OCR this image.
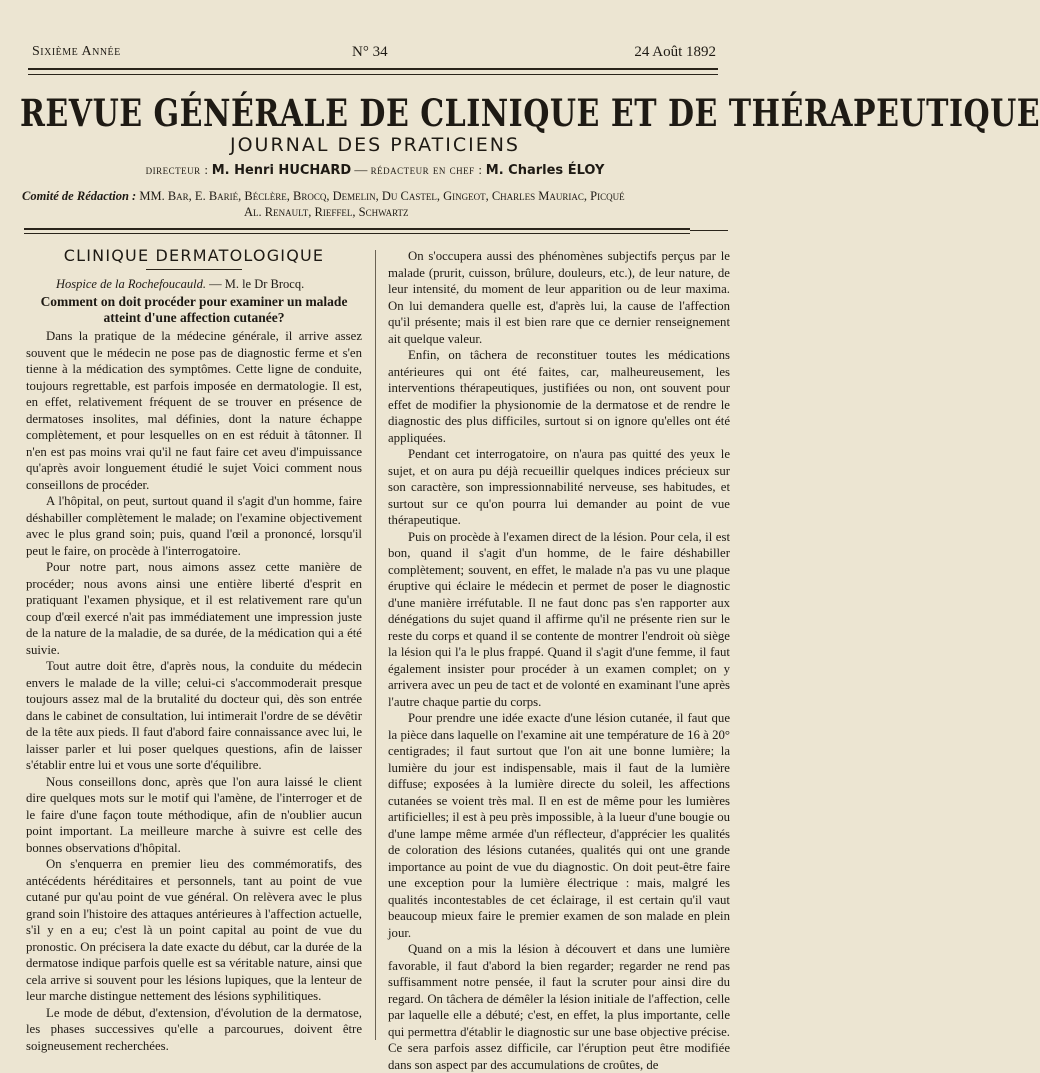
Sixième Année	N° 34	24 Août 1892
REVUE GÉNÉRALE DE CLINIQUE ET DE THÉRAPEUTIQUE
JOURNAL DES PRATICIENS
directeur : M. Henri HUCHARD — rédacteur en chef : M. Charles ÉLOY
Comité de Rédaction : MM. Bar, E. Barié, Béclère, Brocq, Demelin, Du Castel, Gingeot, Charles Mauriac, Picqué
Al. Renault, Rieffel, Schwartz
CLINIQUE DERMATOLOGIQUE
Hospice de la Rochefoucauld. — M. le Dr Brocq.
Comment on doit procéder pour examiner un malade atteint d'une affection cutanée?

Dans la pratique de la médecine générale, il arrive assez souvent que le médecin ne pose pas de diagnostic ferme et s'en tienne à la médication des symptômes. Cette ligne de conduite, toujours regrettable, est parfois imposée en dermatologie. Il est, en effet, relativement fréquent de se trouver en présence de dermatoses insolites, mal définies, dont la nature échappe complètement, et pour lesquelles on en est réduit à tâtonner. Il n'en est pas moins vrai qu'il ne faut faire cet aveu d'impuissance qu'après avoir longuement étudié le sujet Voici comment nous conseillons de procéder.

A l'hôpital, on peut, surtout quand il s'agit d'un homme, faire déshabiller complètement le malade; on l'examine objectivement avec le plus grand soin; puis, quand l'œil a prononcé, lorsqu'il peut le faire, on procède à l'interrogatoire.

Pour notre part, nous aimons assez cette manière de procéder; nous avons ainsi une entière liberté d'esprit en pratiquant l'examen physique, et il est relativement rare qu'un coup d'œil exercé n'ait pas immédiatement une impression juste de la nature de la maladie, de sa durée, de la médication qui a été suivie.

Tout autre doit être, d'après nous, la conduite du médecin envers le malade de la ville; celui-ci s'accommoderait presque toujours assez mal de la brutalité du docteur qui, dès son entrée dans le cabinet de consultation, lui intimerait l'ordre de se dévêtir de la tête aux pieds. Il faut d'abord faire connaissance avec lui, le laisser parler et lui poser quelques questions, afin de laisser s'établir entre lui et vous une sorte d'équilibre.

Nous conseillons donc, après que l'on aura laissé le client dire quelques mots sur le motif qui l'amène, de l'interroger et de le faire d'une façon toute méthodique, afin de n'oublier aucun point important. La meilleure marche à suivre est celle des bonnes observations d'hôpital.

On s'enquerra en premier lieu des commémoratifs, des antécédents héréditaires et personnels, tant au point de vue cutané pur qu'au point de vue général. On relèvera avec le plus grand soin l'histoire des attaques antérieures à l'affection actuelle, s'il y en a eu; c'est là un point capital au point de vue du pronostic. On précisera la date exacte du début, car la durée de la dermatose indique parfois quelle est sa véritable nature, ainsi que cela arrive si souvent pour les lésions lupiques, que la lenteur de leur marche distingue nettement des lésions syphilitiques.

Le mode de début, d'extension, d'évolution de la dermatose, les phases successives qu'elle a parcourues, doivent être soigneusement recherchées.

On s'occupera aussi des phénomènes subjectifs perçus par le malade (prurit, cuisson, brûlure, douleurs, etc.), de leur nature, de leur intensité, du moment de leur apparition ou de leur maxima. On lui demandera quelle est, d'après lui, la cause de l'affection qu'il présente; mais il est bien rare que ce dernier renseignement ait quelque valeur.

Enfin, on tâchera de reconstituer toutes les médications antérieures qui ont été faites, car, malheureusement, les interventions thérapeutiques, justifiées ou non, ont souvent pour effet de modifier la physionomie de la dermatose et de rendre le diagnostic des plus difficiles, surtout si on ignore qu'elles ont été appliquées.

Pendant cet interrogatoire, on n'aura pas quitté des yeux le sujet, et on aura pu déjà recueillir quelques indices précieux sur son caractère, son impressionnabilité nerveuse, ses habitudes, et surtout sur ce qu'on pourra lui demander au point de vue thérapeutique.

Puis on procède à l'examen direct de la lésion. Pour cela, il est bon, quand il s'agit d'un homme, de le faire déshabiller complètement; souvent, en effet, le malade n'a pas vu une plaque éruptive qui éclaire le médecin et permet de poser le diagnostic d'une manière irréfutable. Il ne faut donc pas s'en rapporter aux dénégations du sujet quand il affirme qu'il ne présente rien sur le reste du corps et quand il se contente de montrer l'endroit où siège la lésion qui l'a le plus frappé. Quand il s'agit d'une femme, il faut également insister pour procéder à un examen complet; on y arrivera avec un peu de tact et de volonté en examinant l'une après l'autre chaque partie du corps.

Pour prendre une idée exacte d'une lésion cutanée, il faut que la pièce dans laquelle on l'examine ait une température de 16 à 20° centigrades; il faut surtout que l'on ait une bonne lumière; la lumière du jour est indispensable, mais il faut de la lumière diffuse; exposées à la lumière directe du soleil, les affections cutanées se voient très mal. Il en est de même pour les lumières artificielles; il est à peu près impossible, à la lueur d'une bougie ou d'une lampe même armée d'un réflecteur, d'apprécier les qualités de coloration des lésions cutanées, qualités qui ont une grande importance au point de vue du diagnostic. On doit peut-être faire une exception pour la lumière électrique : mais, malgré les qualités incontestables de cet éclairage, il est certain qu'il vaut beaucoup mieux faire le premier examen de son malade en plein jour.

Quand on a mis la lésion à découvert et dans une lumière favorable, il faut d'abord la bien regarder; regarder ne rend pas suffisamment notre pensée, il faut la scruter pour ainsi dire du regard. On tâchera de démêler la lésion initiale de l'affection, celle par laquelle elle a débuté; c'est, en effet, la plus importante, celle qui permettra d'établir le diagnostic sur une base objective précise. Ce sera parfois assez difficile, car l'éruption peut être modifiée dans son aspect par des accumulations de croûtes, de
